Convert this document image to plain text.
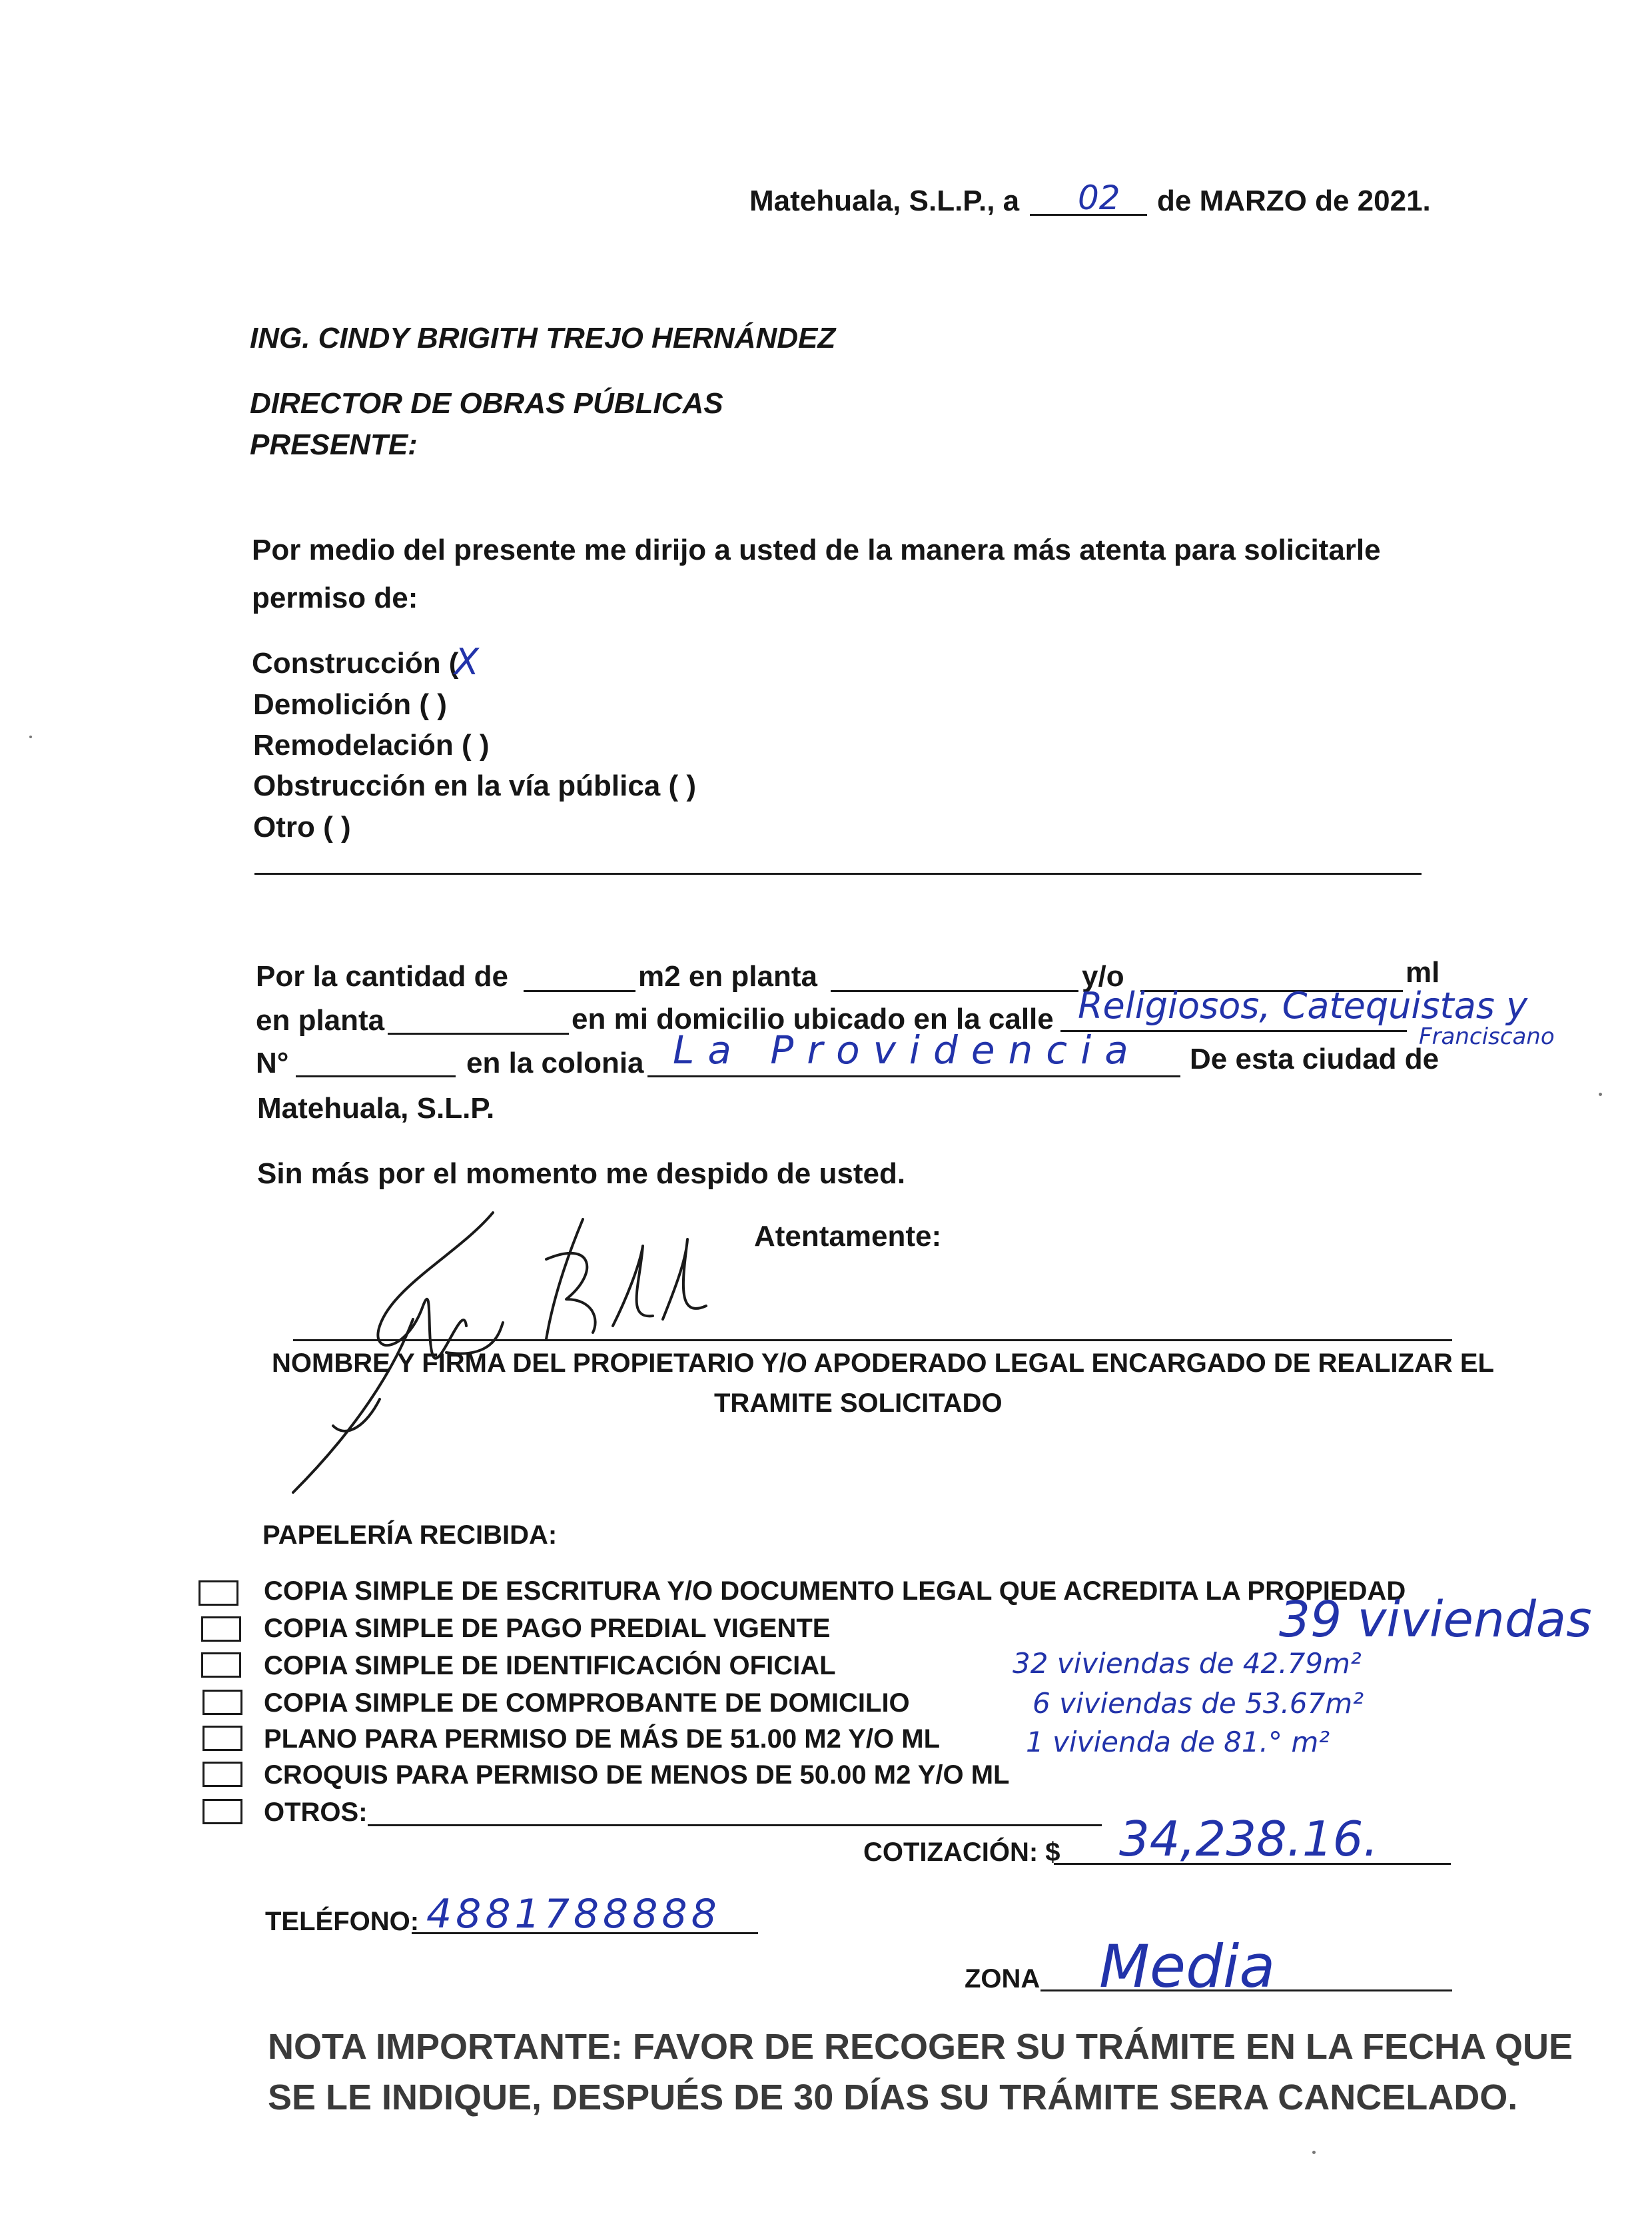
Matehuala, S.L.P., a 02 de MARZO de 2021.
ING. CINDY BRIGITH TREJO HERNÁNDEZ
DIRECTOR DE OBRAS PÚBLICAS
PRESENTE:
Por medio del presente me dirijo a usted de la manera más atenta para solicitarle
permiso de:
Construcción (
X
Demolición ( )
Remodelación ( )
Obstrucción en la vía pública ( )
Otro ( )
Por la cantidad de	m2 en planta	y/o	ml
en planta	en mi domicilio ubicado en la calle Religiosos, Catequistas y
Franciscano
N°	en la colonia La Providencia De esta ciudad de
Matehuala, S.L.P.
Sin más por el momento me despido de usted.
Atentamente:
NOMBRE Y FIRMA DEL PROPIETARIO Y/O APODERADO LEGAL ENCARGADO DE REALIZAR EL
TRAMITE SOLICITADO
PAPELERÍA RECIBIDA:
COPIA SIMPLE DE ESCRITURA Y/O DOCUMENTO LEGAL QUE ACREDITA LA PROPIEDAD
COPIA SIMPLE DE PAGO PREDIAL VIGENTE
COPIA SIMPLE DE IDENTIFICACIÓN OFICIAL
COPIA SIMPLE DE COMPROBANTE DE DOMICILIO
PLANO PARA PERMISO DE MÁS DE 51.00 M2 Y/O ML
CROQUIS PARA PERMISO DE MENOS DE 50.00 M2 Y/O ML
OTROS:
39 viviendas
32 viviendas de 42.79m²
6 viviendas de 53.67m²
1 vivienda de 81.° m²
COTIZACIÓN: $ 34,238.16.
TELÉFONO: 4881788888
ZONA Media
NOTA IMPORTANTE: FAVOR DE RECOGER SU TRÁMITE EN LA FECHA QUE
SE LE INDIQUE, DESPUÉS DE 30 DÍAS SU TRÁMITE SERA CANCELADO.
